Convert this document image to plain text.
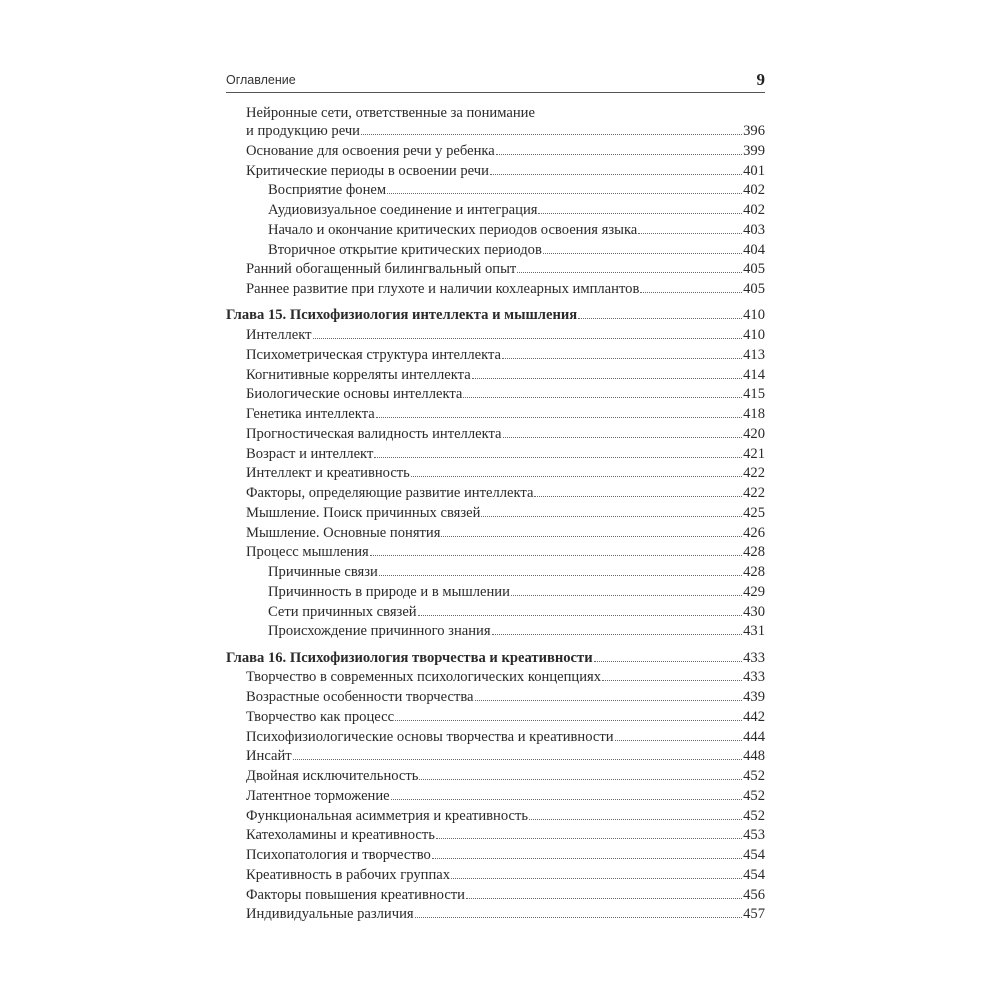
Оглавление	9
Нейронные сети, ответственные за понимание
и продукцию речи	396
Основание для освоения речи у ребенка	399
Критические периоды в освоении речи	401
Восприятие фонем	402
Аудиовизуальное соединение и интеграция	402
Начало и окончание критических периодов освоения языка	403
Вторичное открытие критических периодов	404
Ранний обогащенный билингвальный опыт	405
Раннее развитие при глухоте и наличии кохлеарных имплантов	405
Глава 15. Психофизиология интеллекта и мышления	410
Интеллект	410
Психометрическая структура интеллекта	413
Когнитивные корреляты интеллекта	414
Биологические основы интеллекта	415
Генетика интеллекта	418
Прогностическая валидность интеллекта	420
Возраст и интеллект	421
Интеллект и креативность	422
Факторы, определяющие развитие интеллекта	422
Мышление. Поиск причинных связей	425
Мышление. Основные понятия	426
Процесс мышления	428
Причинные связи	428
Причинность в природе и в мышлении	429
Сети причинных связей	430
Происхождение причинного знания	431
Глава 16. Психофизиология творчества и креативности	433
Творчество в современных психологических концепциях	433
Возрастные особенности творчества	439
Творчество как процесс	442
Психофизиологические основы творчества и креативности	444
Инсайт	448
Двойная исключительность	452
Латентное торможение	452
Функциональная асимметрия и креативность	452
Катехоламины и креативность	453
Психопатология и творчество	454
Креативность в рабочих группах	454
Факторы повышения креативности	456
Индивидуальные различия	457
